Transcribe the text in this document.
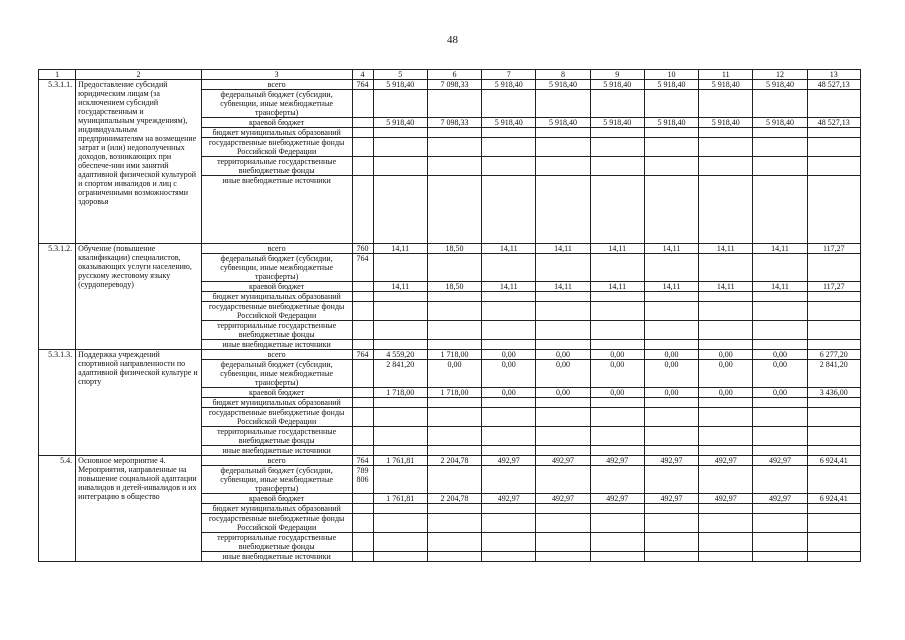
48
1	2	3	4	5	6	7	8	9	10	11	12	13
5.3.1.1.	Предоставление субсидий юридическим лицам (за исключением субсидий государственным и муниципальным учреждениям), индивидуальным предпринимателям на возмещение затрат и (или) недополученных доходов, возникающих при обеспече-нии ими занятий адаптивной физической культурой и спортом инвалидов и лиц с ограниченными возможностями здоровья	всего	764	5 918,40	7 098,33	5 918,40	5 918,40	5 918,40	5 918,40	5 918,40	5 918,40	48 527,13
		федеральный бюджет (субсидии, субвенции, иные межбюджетные трансферты)										
		краевой бюджет		5 918,40	7 098,33	5 918,40	5 918,40	5 918,40	5 918,40	5 918,40	5 918,40	48 527,13
		бюджет муниципальных образований										
		государственные внебюджетные фонды Российской Федерации										
		территориальные государственные внебюджетные фонды										
		иные внебюджетные источники										
5.3.1.2.	Обучение (повышение квалификации) специалистов, оказывающих услуги населению, русскому жестовому языку (сурдопереводу)	всего	760	14,11	18,50	14,11	14,11	14,11	14,11	14,11	14,11	117,27
		федеральный бюджет (субсидии, субвенции, иные межбюджетные трансферты)	764									
		краевой бюджет		14,11	18,50	14,11	14,11	14,11	14,11	14,11	14,11	117,27
		бюджет муниципальных образований										
		государственные внебюджетные фонды Российской Федерации										
		территориальные государственные внебюджетные фонды										
		иные внебюджетные источники										
5.3.1.3.	Поддержка учреждений спортивной направленности по адаптивной физической культуре и спорту	всего	764	4 559,20	1 718,00	0,00	0,00	0,00	0,00	0,00	0,00	6 277,20
		федеральный бюджет (субсидии, субвенции, иные межбюджетные трансферты)		2 841,20	0,00	0,00	0,00	0,00	0,00	0,00	0,00	2 841,20
		краевой бюджет		1 718,00	1 718,00	0,00	0,00	0,00	0,00	0,00	0,00	3 436,00
		бюджет муниципальных образований										
		государственные внебюджетные фонды Российской Федерации										
		территориальные государственные внебюджетные фонды										
		иные внебюджетные источники										
5.4.	Основное мероприятие 4. Мероприятия, направленные на повышение социальной адаптации инвалидов и детей-инвалидов и их интеграцию в общество	всего	764	1 761,81	2 204,78	492,97	492,97	492,97	492,97	492,97	492,97	6 924,41
		федеральный бюджет (субсидии, субвенции, иные межбюджетные трансферты)	789 806									
		краевой бюджет		1 761,81	2 204,78	492,97	492,97	492,97	492,97	492,97	492,97	6 924,41
		бюджет муниципальных образований										
		государственные внебюджетные фонды Российской Федерации										
		территориальные государственные внебюджетные фонды										
		иные внебюджетные источники										
